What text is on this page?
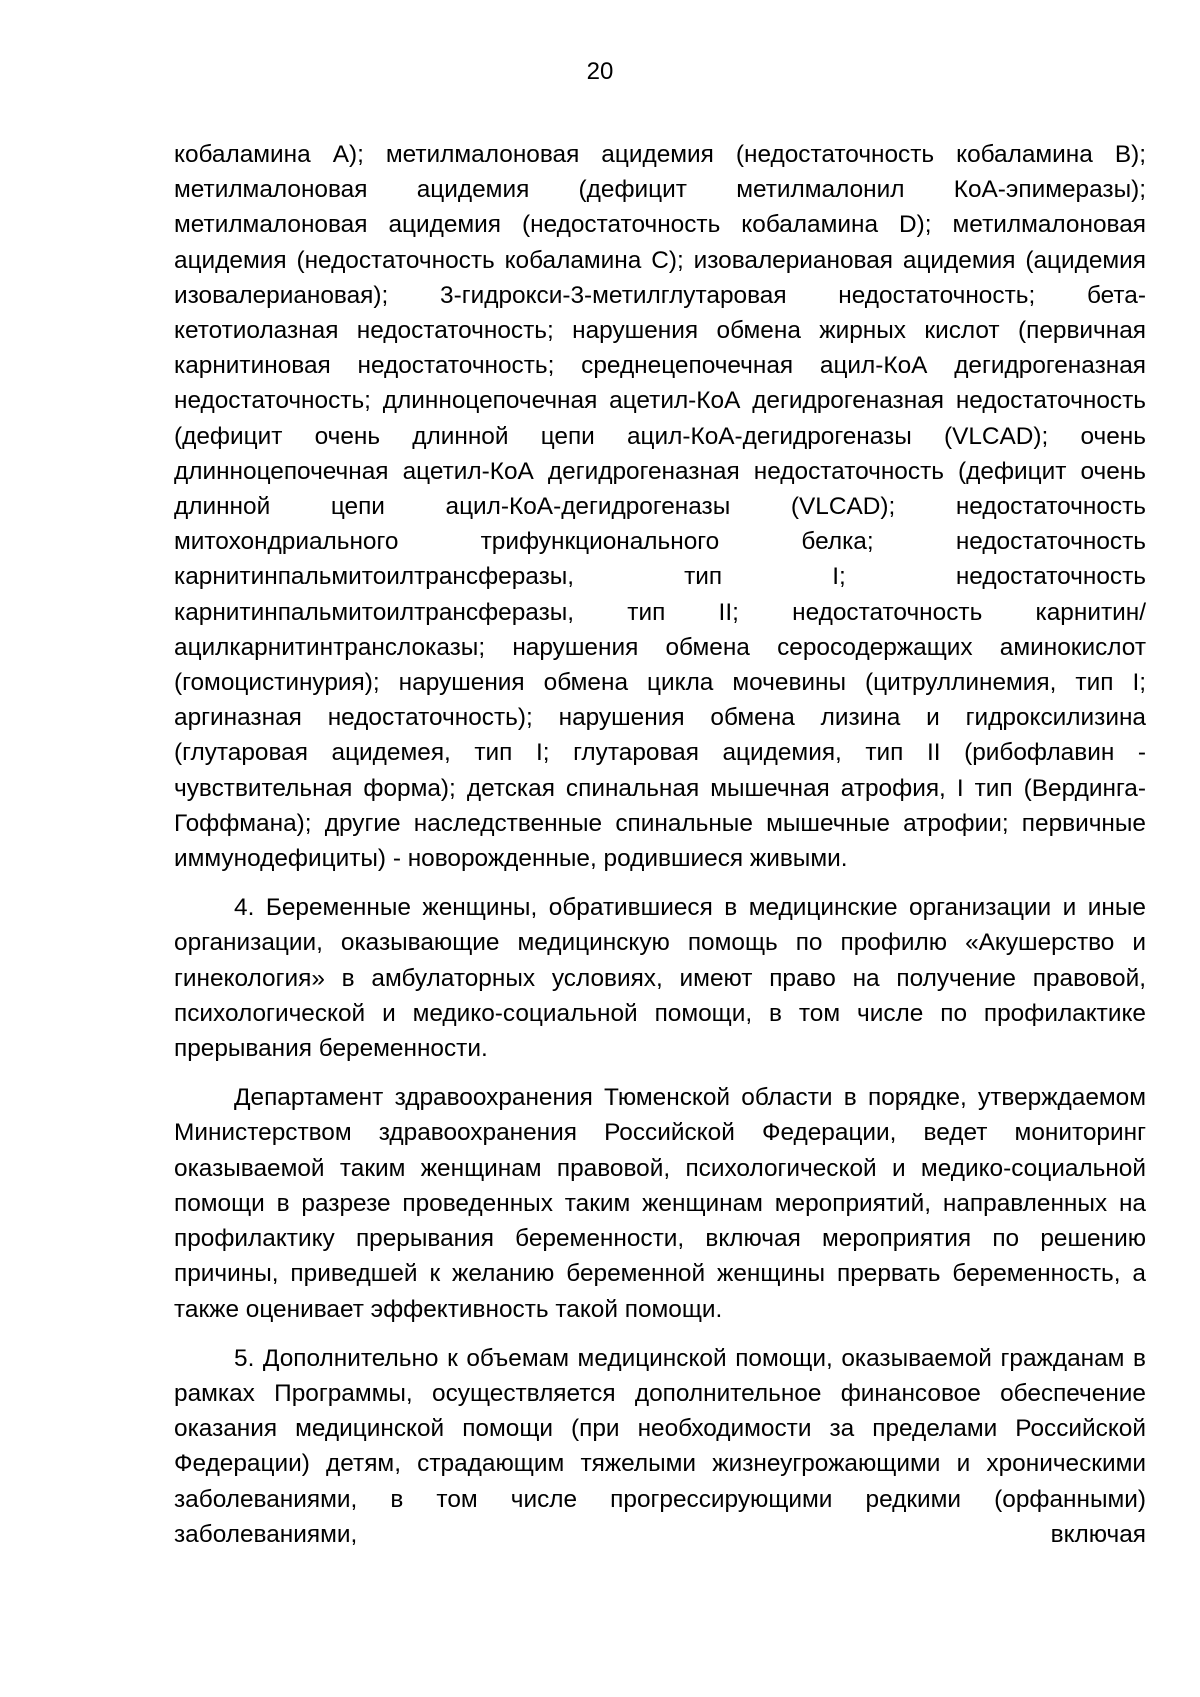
20

кобаламина А); метилмалоновая ацидемия (недостаточность кобаламина В); метилмалоновая ацидемия (дефицит метилмалонил КоА-эпимеразы); метилмалоновая ацидемия (недостаточность кобаламина D); метилмалоновая ацидемия (недостаточность кобаламина С); изовалериановая ацидемия (ацидемия изовалериановая); 3-гидрокси-3-метилглутаровая недостаточность; бета-кетотиолазная недостаточность; нарушения обмена жирных кислот (первичная карнитиновая недостаточность; среднецепочечная ацил-КоА дегидрогеназная недостаточность; длинноцепочечная ацетил-КоА дегидрогеназная недостаточность (дефицит очень длинной цепи ацил-КоА-дегидрогеназы (VLCAD); очень длинноцепочечная ацетил-КоА дегидрогеназная недостаточность (дефицит очень длинной цепи ацил-КоА-дегидрогеназы (VLCAD); недостаточность митохондриального трифункционального белка; недостаточность карнитинпальмитоилтрансферазы, тип I; недостаточность карнитинпальмитоилтрансферазы, тип II; недостаточность карнитин/ацилкарнитинтранслоказы; нарушения обмена серосодержащих аминокислот (гомоцистинурия); нарушения обмена цикла мочевины (цитруллинемия, тип I; аргиназная недостаточность); нарушения обмена лизина и гидроксилизина (глутаровая ацидемея, тип I; глутаровая ацидемия, тип II (рибофлавин - чувствительная форма); детская спинальная мышечная атрофия, I тип (Вердинга-Гоффмана); другие наследственные спинальные мышечные атрофии; первичные иммунодефициты) - новорожденные, родившиеся живыми.

4. Беременные женщины, обратившиеся в медицинские организации и иные организации, оказывающие медицинскую помощь по профилю «Акушерство и гинекология» в амбулаторных условиях, имеют право на получение правовой, психологической и медико-социальной помощи, в том числе по профилактике прерывания беременности.

Департамент здравоохранения Тюменской области в порядке, утверждаемом Министерством здравоохранения Российской Федерации, ведет мониторинг оказываемой таким женщинам правовой, психологической и медико-социальной помощи в разрезе проведенных таким женщинам мероприятий, направленных на профилактику прерывания беременности, включая мероприятия по решению причины, приведшей к желанию беременной женщины прервать беременность, а также оценивает эффективность такой помощи.

5. Дополнительно к объемам медицинской помощи, оказываемой гражданам в рамках Программы, осуществляется дополнительное финансовое обеспечение оказания медицинской помощи (при необходимости за пределами Российской Федерации) детям, страдающим тяжелыми жизнеугрожающими и хроническими заболеваниями, в том числе прогрессирующими редкими (орфанными) заболеваниями, включая
